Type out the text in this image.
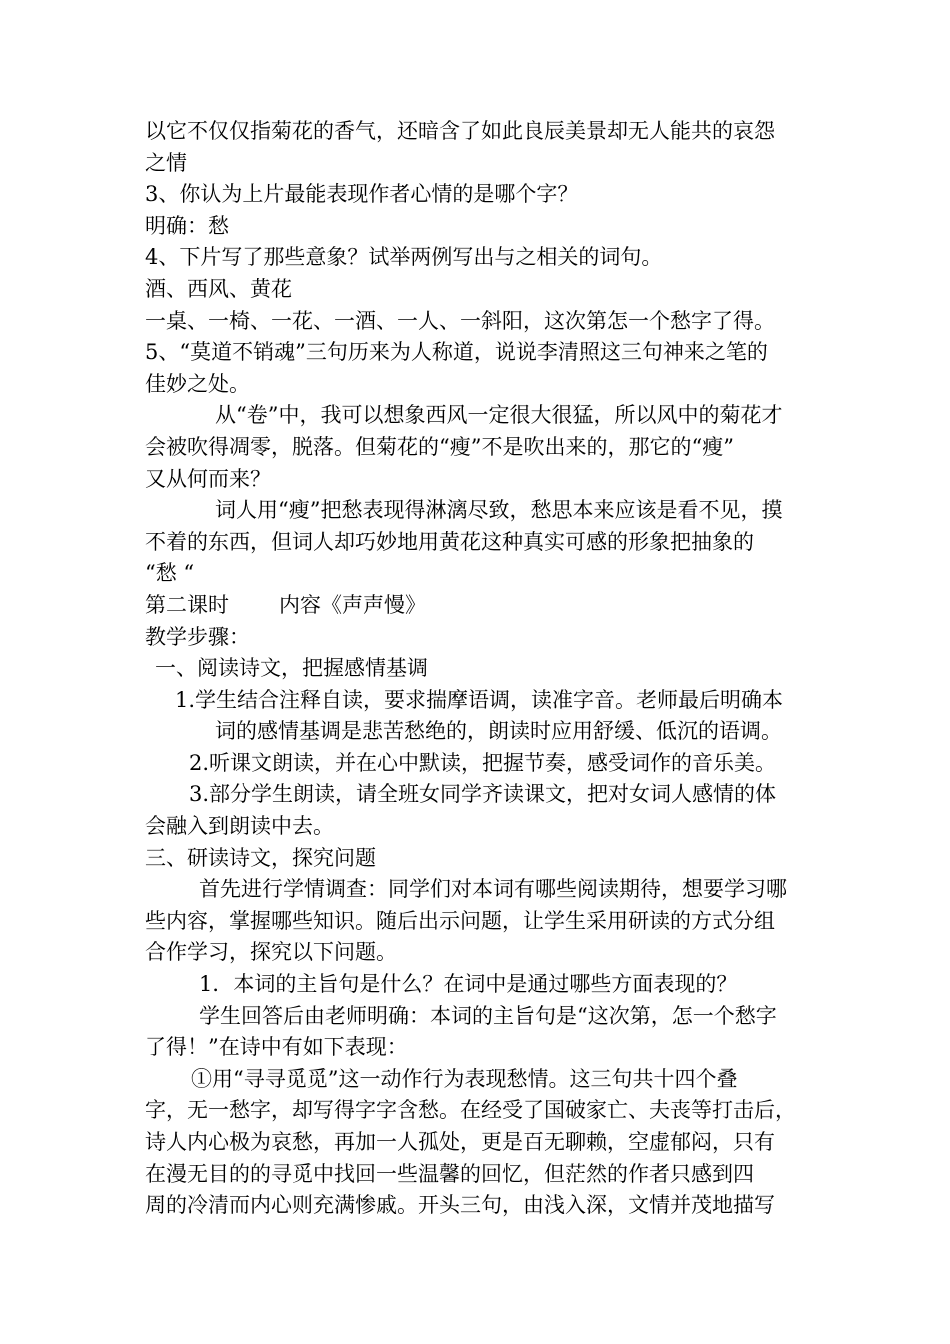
以它不仅仅指菊花的香气，还暗含了如此良辰美景却无人能共的哀怨
之情
3、你认为上片最能表现作者心情的是哪个字？
明确：愁
4、下片写了那些意象？试举两例写出与之相关的词句。
酒、西风、黄花
一桌、一椅、一花、一酒、一人、一斜阳，这次第怎一个愁字了得。
5、“莫道不销魂”三句历来为人称道，说说李清照这三句神来之笔的
佳妙之处。
从“卷”中，我可以想象西风一定很大很猛，所以风中的菊花才
会被吹得凋零，脱落。但菊花的“瘦”不是吹出来的，那它的“瘦”
又从何而来？
词人用“瘦”把愁表现得淋漓尽致，愁思本来应该是看不见，摸
不着的东西，但词人却巧妙地用黄花这种真实可感的形象把抽象的
“愁 “
第二课时 内容《声声慢》
教学步骤：
一、阅读诗文，把握感情基调
1.学生结合注释自读，要求揣摩语调，读准字音。老师最后明确本
词的感情基调是悲苦愁绝的，朗读时应用舒缓、低沉的语调。
2.听课文朗读，并在心中默读，把握节奏，感受词作的音乐美。
3.部分学生朗读，请全班女同学齐读课文，把对女词人感情的体
会融入到朗读中去。
三、研读诗文，探究问题
首先进行学情调查：同学们对本词有哪些阅读期待，想要学习哪
些内容，掌握哪些知识。随后出示问题，让学生采用研读的方式分组
合作学习，探究以下问题。
1．本词的主旨句是什么？在词中是通过哪些方面表现的？
学生回答后由老师明确：本词的主旨句是“这次第，怎一个愁字
了得！”在诗中有如下表现：
①用“寻寻觅觅”这一动作行为表现愁情。这三句共十四个叠
字，无一愁字，却写得字字含愁。在经受了国破家亡、夫丧等打击后，
诗人内心极为哀愁，再加一人孤处，更是百无聊赖，空虚郁闷，只有
在漫无目的的寻觅中找回一些温馨的回忆，但茫然的作者只感到四
周的冷清而内心则充满惨戚。开头三句，由浅入深，文情并茂地描写
